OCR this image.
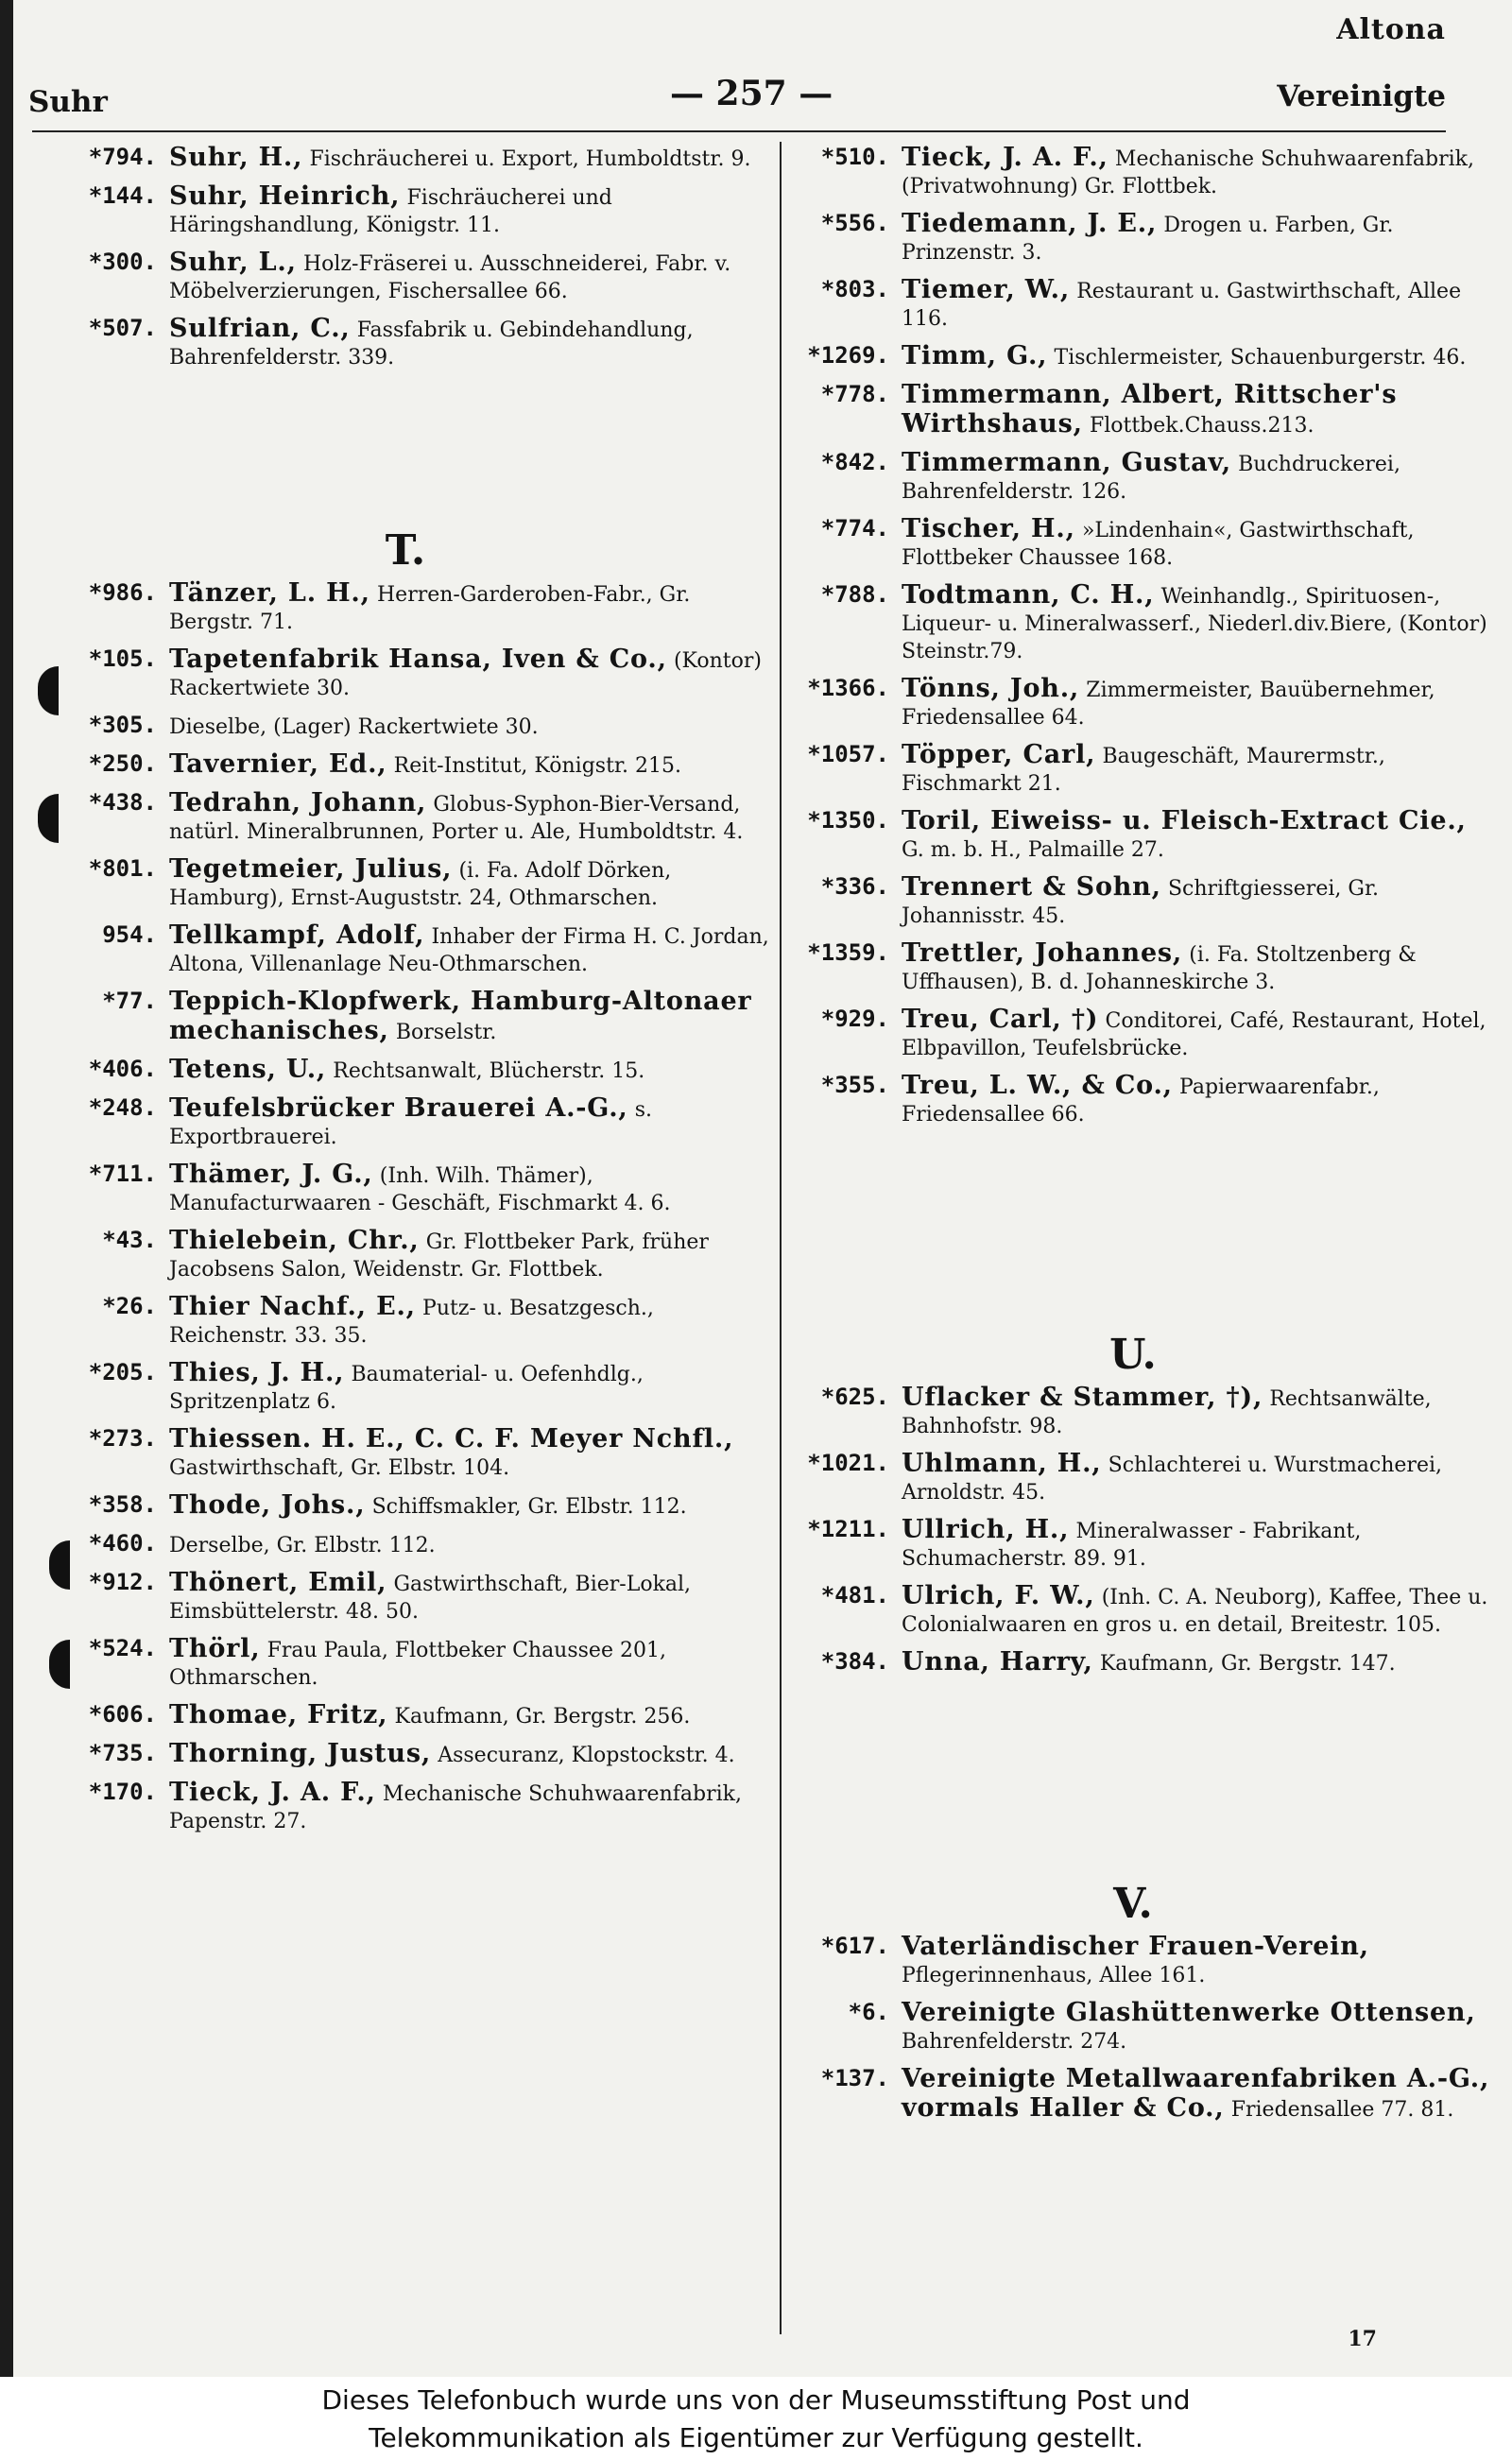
Altona
Suhr	— 257 —	Vereinigte
*794. Suhr, H., Fischräucherei u. Export, Humboldtstr. 9.
*144. Suhr, Heinrich, Fischräucherei und Häringshandlung, Königstr. 11.
*300. Suhr, L., Holz-Fräserei u. Ausschneiderei, Fabr. v. Möbelverzierungen, Fischersallee 66.
*507. Sulfrian, C., Fassfabrik u. Gebindehandlung, Bahrenfelderstr. 339.
T.
*986. Tänzer, L. H., Herren-Garderoben-Fabr., Gr. Bergstr. 71.
*105. Tapetenfabrik Hansa, Iven & Co., (Kontor) Rackertwiete 30.
*305. Dieselbe, (Lager) Rackertwiete 30.
*250. Tavernier, Ed., Reit-Institut, Königstr. 215.
*438. Tedrahn, Johann, Globus-Syphon-Bier-Versand, natürl. Mineralbrunnen, Porter u. Ale, Humboldtstr. 4.
*801. Tegetmeier, Julius, (i. Fa. Adolf Dörken, Hamburg), Ernst-Auguststr. 24, Othmarschen.
954. Tellkampf, Adolf, Inhaber der Firma H. C. Jordan, Altona, Villenanlage Neu-Othmarschen.
*77. Teppich-Klopfwerk, Hamburg-Altonaer mechanisches, Borselstr.
*406. Tetens, U., Rechtsanwalt, Blücherstr. 15.
*248. Teufelsbrücker Brauerei A.-G., s. Exportbrauerei.
*711. Thämer, J. G., (Inh. Wilh. Thämer), Manufacturwaaren - Geschäft, Fischmarkt 4. 6.
*43. Thielebein, Chr., Gr. Flottbeker Park, früher Jacobsens Salon, Weidenstr. Gr. Flottbek.
*26. Thier Nachf., E., Putz- u. Besatzgesch., Reichenstr. 33. 35.
*205. Thies, J. H., Baumaterial- u. Oefenhdlg., Spritzenplatz 6.
*273. Thiessen. H. E., C. C. F. Meyer Nchfl., Gastwirthschaft, Gr. Elbstr. 104.
*358. Thode, Johs., Schiffsmakler, Gr. Elbstr. 112.
*460. Derselbe, Gr. Elbstr. 112.
*912. Thönert, Emil, Gastwirthschaft, Bier-Lokal, Eimsbüttelerstr. 48. 50.
*524. Thörl, Frau Paula, Flottbeker Chaussee 201, Othmarschen.
*606. Thomae, Fritz, Kaufmann, Gr. Bergstr. 256.
*735. Thorning, Justus, Assecuranz, Klopstockstr. 4.
*170. Tieck, J. A. F., Mechanische Schuhwaarenfabrik, Papenstr. 27.
*510. Tieck, J. A. F., Mechanische Schuhwaarenfabrik, (Privatwohnung) Gr. Flottbek.
*556. Tiedemann, J. E., Drogen u. Farben, Gr. Prinzenstr. 3.
*803. Tiemer, W., Restaurant u. Gastwirthschaft, Allee 116.
*1269. Timm, G., Tischlermeister, Schauenburgerstr. 46.
*778. Timmermann, Albert, Rittscher's Wirthshaus, Flottbek.Chauss.213.
*842. Timmermann, Gustav, Buchdruckerei, Bahrenfelderstr. 126.
*774. Tischer, H., »Lindenhain«, Gastwirthschaft, Flottbeker Chaussee 168.
*788. Todtmann, C. H., Weinhandlg., Spirituosen-, Liqueur- u. Mineralwasserf., Niederl.div.Biere, (Kontor) Steinstr.79.
*1366. Tönns, Joh., Zimmermeister, Bauübernehmer, Friedensallee 64.
*1057. Töpper, Carl, Baugeschäft, Maurermstr., Fischmarkt 21.
*1350. Toril, Eiweiss- u. Fleisch-Extract Cie., G. m. b. H., Palmaille 27.
*336. Trennert & Sohn, Schriftgiesserei, Gr. Johannisstr. 45.
*1359. Trettler, Johannes, (i. Fa. Stoltzenberg & Uffhausen), B. d. Johanneskirche 3.
*929. Treu, Carl, †) Conditorei, Café, Restaurant, Hotel, Elbpavillon, Teufelsbrücke.
*355. Treu, L. W., & Co., Papierwaarenfabr., Friedensallee 66.
U.
*625. Uflacker & Stammer, †), Rechtsanwälte, Bahnhofstr. 98.
*1021. Uhlmann, H., Schlachterei u. Wurstmacherei, Arnoldstr. 45.
*1211. Ullrich, H., Mineralwasser - Fabrikant, Schumacherstr. 89. 91.
*481. Ulrich, F. W., (Inh. C. A. Neuborg), Kaffee, Thee u. Colonialwaaren en gros u. en detail, Breitestr. 105.
*384. Unna, Harry, Kaufmann, Gr. Bergstr. 147.
V.
*617. Vaterländischer Frauen-Verein, Pflegerinnenhaus, Allee 161.
*6. Vereinigte Glashüttenwerke Ottensen, Bahrenfelderstr. 274.
*137. Vereinigte Metallwaarenfabriken A.-G., vormals Haller & Co., Friedensallee 77. 81.
17
Dieses Telefonbuch wurde uns von der Museumsstiftung Post und
Telekommunikation als Eigentümer zur Verfügung gestellt.
